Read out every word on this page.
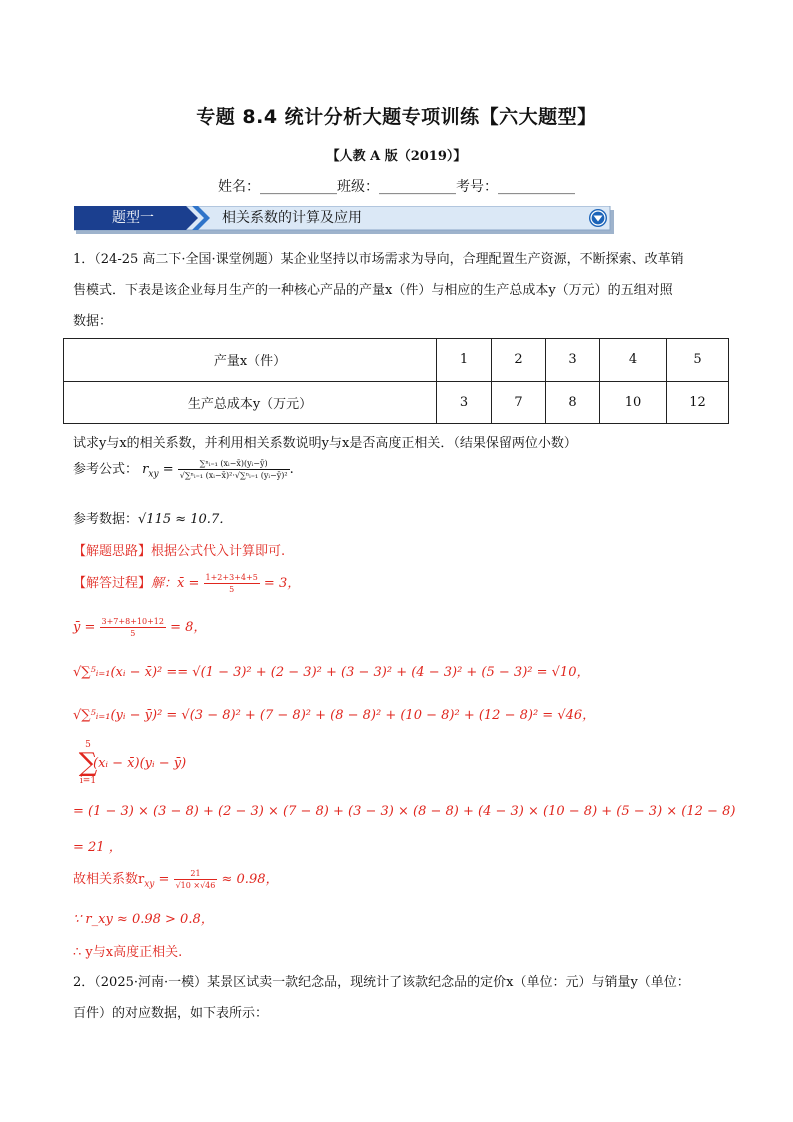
专题 8.4 统计分析大题专项训练【六大题型】
【人教 A 版（2019）】
姓名：___________班级：___________考号：___________
题型一	相关系数的计算及应用
1．（24-25 高二下·全国·课堂例题）某企业坚持以市场需求为导向，合理配置生产资源，不断探索、改革销
售模式．下表是该企业每月生产的一种核心产品的产量x（件）与相应的生产总成本y（万元）的五组对照
数据：
产量x（件）	1	2	3	4	5
生产总成本y（万元）	3	7	8	10	12
试求y与x的相关系数，并利用相关系数说明y与x是否高度正相关．（结果保留两位小数）
参考公式： $r_{xy} = \frac{\text{∑ⁿᵢ₌₁ (xᵢ−x̄)(yᵢ−ȳ)}}{\text{√∑ⁿᵢ₌₁ (xᵢ−x̄)²·√∑ⁿᵢ₌₁ (yᵢ−ȳ)²}}$ .
参考数据：√115 ≈ 10.7．
【解题思路】根据公式代入计算即可.
【解答过程】解：x̄ = $\frac{1+2+3+4+5}{5} = 3$，
ȳ = $\frac{3+7+8+10+12}{5} = 8$，
√∑⁵ᵢ₌₁(xᵢ − x̄)² == √(1 − 3)² + (2 − 3)² + (3 − 3)² + (4 − 3)² + (5 − 3)² = √10，
√∑⁵ᵢ₌₁(yᵢ − ȳ)² = √(3 − 8)² + (7 − 8)² + (8 − 8)² + (10 − 8)² + (12 − 8)² = √46，
5
∑
i=1
(xᵢ − x̄)(yᵢ − ȳ)
= (1 − 3) × (3 − 8) + (2 − 3) × (7 − 8) + (3 − 3) × (8 − 8) + (4 − 3) × (10 − 8) + (5 − 3) × (12 − 8)
= 21 ，
故相关系数$r_{xy} = \frac{21}{√10 \times√46} \approx 0.98$，
∵ r_xy ≈ 0.98 > 0.8，
∴ y与x高度正相关.
2．（2025·河南·一模）某景区试卖一款纪念品，现统计了该款纪念品的定价x（单位：元）与销量y（单位：
百件）的对应数据，如下表所示：
